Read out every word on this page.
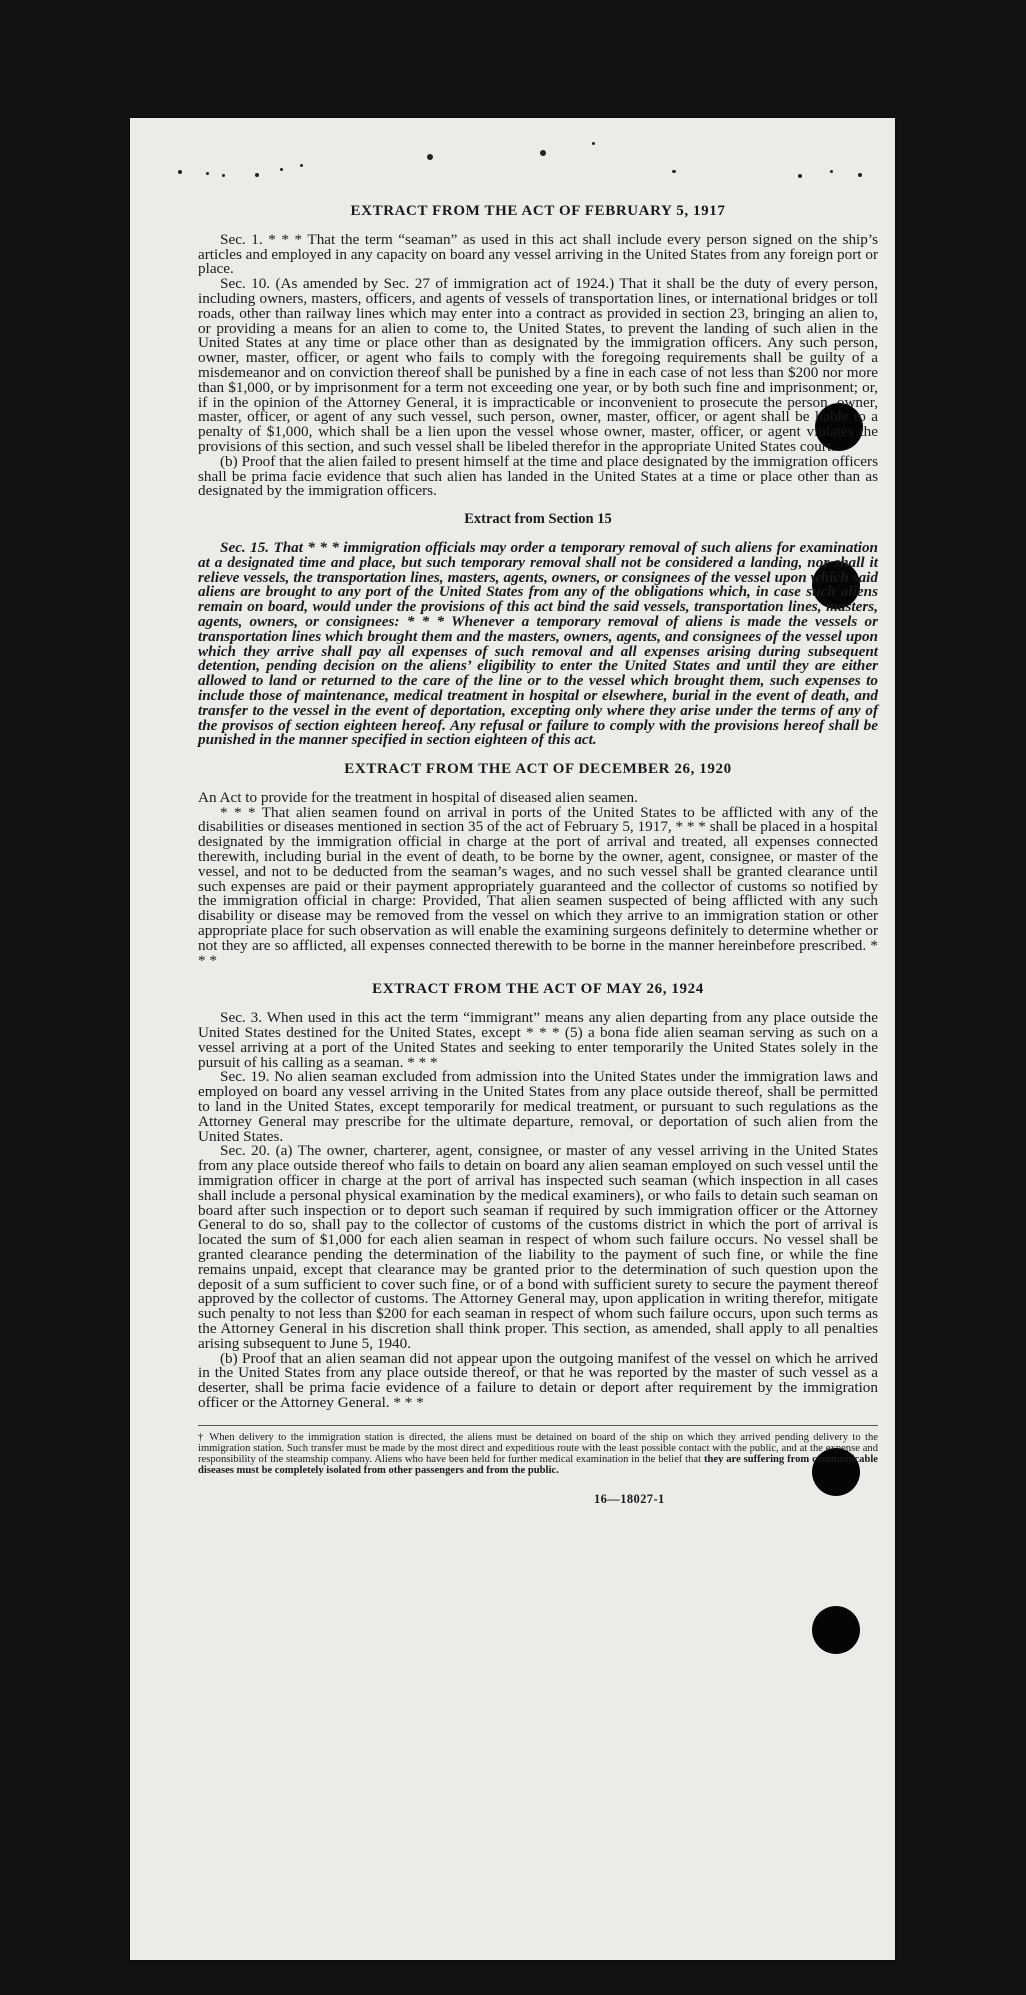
EXTRACT FROM THE ACT OF FEBRUARY 5, 1917

Sec. 1. * * * That the term “seaman” as used in this act shall include every person signed on the ship’s articles and employed in any capacity on board any vessel arriving in the United States from any foreign port or place.

Sec. 10. (As amended by Sec. 27 of immigration act of 1924.) That it shall be the duty of every person, including owners, masters, officers, and agents of vessels of transportation lines, or international bridges or toll roads, other than railway lines which may enter into a contract as provided in section 23, bringing an alien to, or providing a means for an alien to come to, the United States, to prevent the landing of such alien in the United States at any time or place other than as designated by the immigration officers. Any such person, owner, master, officer, or agent who fails to comply with the foregoing requirements shall be guilty of a misdemeanor and on conviction thereof shall be punished by a fine in each case of not less than $200 nor more than $1,000, or by imprisonment for a term not exceeding one year, or by both such fine and imprisonment; or, if in the opinion of the Attorney General, it is impracticable or inconvenient to prosecute the person, owner, master, officer, or agent of any such vessel, such person, owner, master, officer, or agent shall be liable to a penalty of $1,000, which shall be a lien upon the vessel whose owner, master, officer, or agent violates the provisions of this section, and such vessel shall be libeled therefor in the appropriate United States court.

(b) Proof that the alien failed to present himself at the time and place designated by the immigration officers shall be prima facie evidence that such alien has landed in the United States at a time or place other than as designated by the immigration officers.

Extract from Section 15

Sec. 15. That * * * immigration officials may order a temporary removal of such aliens for examination at a designated time and place, but such temporary removal shall not be considered a landing, nor shall it relieve vessels, the transportation lines, masters, agents, owners, or consignees of the vessel upon which said aliens are brought to any port of the United States from any of the obligations which, in case such aliens remain on board, would under the provisions of this act bind the said vessels, transportation lines, masters, agents, owners, or consignees: * * * Whenever a temporary removal of aliens is made the vessels or transportation lines which brought them and the masters, owners, agents, and consignees of the vessel upon which they arrive shall pay all expenses of such removal and all expenses arising during subsequent detention, pending decision on the aliens’ eligibility to enter the United States and until they are either allowed to land or returned to the care of the line or to the vessel which brought them, such expenses to include those of maintenance, medical treatment in hospital or elsewhere, burial in the event of death, and transfer to the vessel in the event of deportation, excepting only where they arise under the terms of any of the provisos of section eighteen hereof. Any refusal or failure to comply with the provisions hereof shall be punished in the manner specified in section eighteen of this act.

EXTRACT FROM THE ACT OF DECEMBER 26, 1920

An Act to provide for the treatment in hospital of diseased alien seamen.

* * * That alien seamen found on arrival in ports of the United States to be afflicted with any of the disabilities or diseases mentioned in section 35 of the act of February 5, 1917, * * * shall be placed in a hospital designated by the immigration official in charge at the port of arrival and treated, all expenses connected therewith, including burial in the event of death, to be borne by the owner, agent, consignee, or master of the vessel, and not to be deducted from the seaman’s wages, and no such vessel shall be granted clearance until such expenses are paid or their payment appropriately guaranteed and the collector of customs so notified by the immigration official in charge: Provided, That alien seamen suspected of being afflicted with any such disability or disease may be removed from the vessel on which they arrive to an immigration station or other appropriate place for such observation as will enable the examining surgeons definitely to determine whether or not they are so afflicted, all expenses connected therewith to be borne in the manner hereinbefore prescribed. * * *

EXTRACT FROM THE ACT OF MAY 26, 1924

Sec. 3. When used in this act the term “immigrant” means any alien departing from any place outside the United States destined for the United States, except * * * (5) a bona fide alien seaman serving as such on a vessel arriving at a port of the United States and seeking to enter temporarily the United States solely in the pursuit of his calling as a seaman. * * *

Sec. 19. No alien seaman excluded from admission into the United States under the immigration laws and employed on board any vessel arriving in the United States from any place outside thereof, shall be permitted to land in the United States, except temporarily for medical treatment, or pursuant to such regulations as the Attorney General may prescribe for the ultimate departure, removal, or deportation of such alien from the United States.

Sec. 20. (a) The owner, charterer, agent, consignee, or master of any vessel arriving in the United States from any place outside thereof who fails to detain on board any alien seaman employed on such vessel until the immigration officer in charge at the port of arrival has inspected such seaman (which inspection in all cases shall include a personal physical examination by the medical examiners), or who fails to detain such seaman on board after such inspection or to deport such seaman if required by such immigration officer or the Attorney General to do so, shall pay to the collector of customs of the customs district in which the port of arrival is located the sum of $1,000 for each alien seaman in respect of whom such failure occurs. No vessel shall be granted clearance pending the determination of the liability to the payment of such fine, or while the fine remains unpaid, except that clearance may be granted prior to the determination of such question upon the deposit of a sum sufficient to cover such fine, or of a bond with sufficient surety to secure the payment thereof approved by the collector of customs. The Attorney General may, upon application in writing therefor, mitigate such penalty to not less than $200 for each seaman in respect of whom such failure occurs, upon such terms as the Attorney General in his discretion shall think proper. This section, as amended, shall apply to all penalties arising subsequent to June 5, 1940.

(b) Proof that an alien seaman did not appear upon the outgoing manifest of the vessel on which he arrived in the United States from any place outside thereof, or that he was reported by the master of such vessel as a deserter, shall be prima facie evidence of a failure to detain or deport after requirement by the immigration officer or the Attorney General. * * *

† When delivery to the immigration station is directed, the aliens must be detained on board of the ship on which they arrived pending delivery to the immigration station. Such transfer must be made by the most direct and expeditious route with the least possible contact with the public, and at the expense and responsibility of the steamship company. Aliens who have been held for further medical examination in the belief that they are suffering from communicable diseases must be completely isolated from other passengers and from the public.
16—18027-1
